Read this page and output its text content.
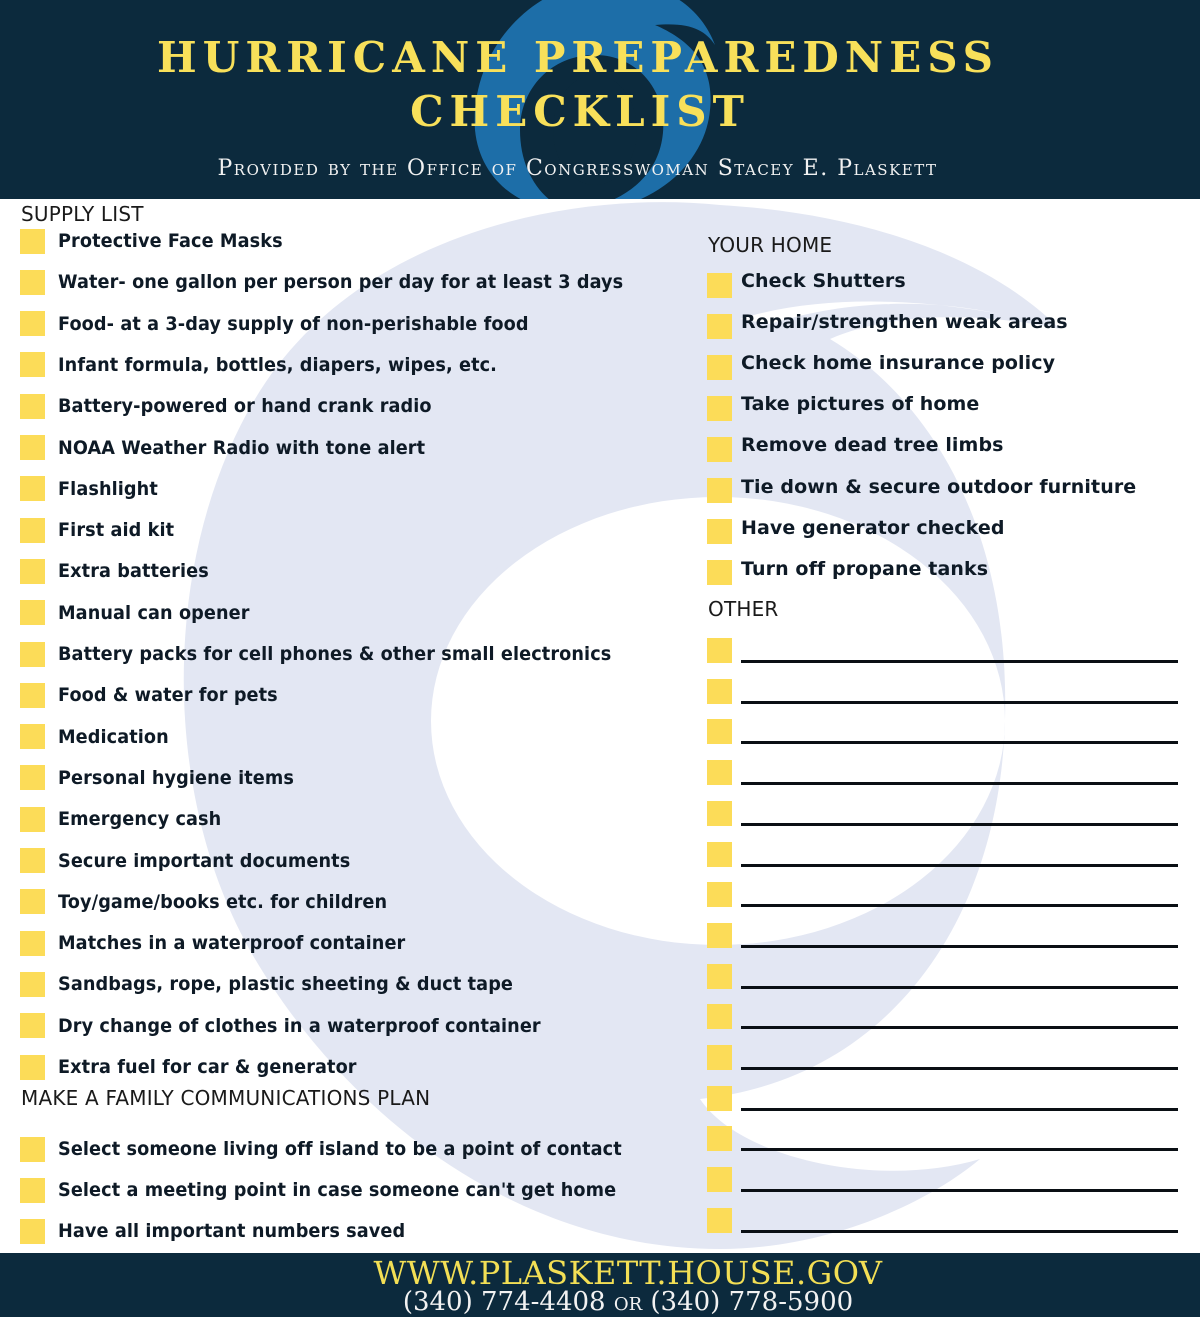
HURRICANE PREPAREDNESS
CHECKLIST
Provided by the Office of Congresswoman Stacey E. Plaskett
SUPPLY LIST
Protective Face Masks
Water- one gallon per person per day for at least 3 days
Food- at a 3-day supply of non-perishable food
Infant formula, bottles, diapers, wipes, etc.
Battery-powered or hand crank radio
NOAA Weather Radio with tone alert
Flashlight
First aid kit
Extra batteries
Manual can opener
Battery packs for cell phones & other small electronics
Food & water for pets
Medication
Personal hygiene items
Emergency cash
Secure important documents
Toy/game/books etc. for children
Matches in a waterproof container
Sandbags, rope, plastic sheeting & duct tape
Dry change of clothes in a waterproof container
Extra fuel for car & generator
MAKE A FAMILY COMMUNICATIONS PLAN
Select someone living off island to be a point of contact
Select a meeting point in case someone can't get home
Have all important numbers saved
YOUR HOME
Check Shutters
Repair/strengthen weak areas
Check home insurance policy
Take pictures of home
Remove dead tree limbs
Tie down & secure outdoor furniture
Have generator checked
Turn off propane tanks
OTHER
WWW.PLASKETT.HOUSE.GOV
(340) 774-4408 or (340) 778-5900
